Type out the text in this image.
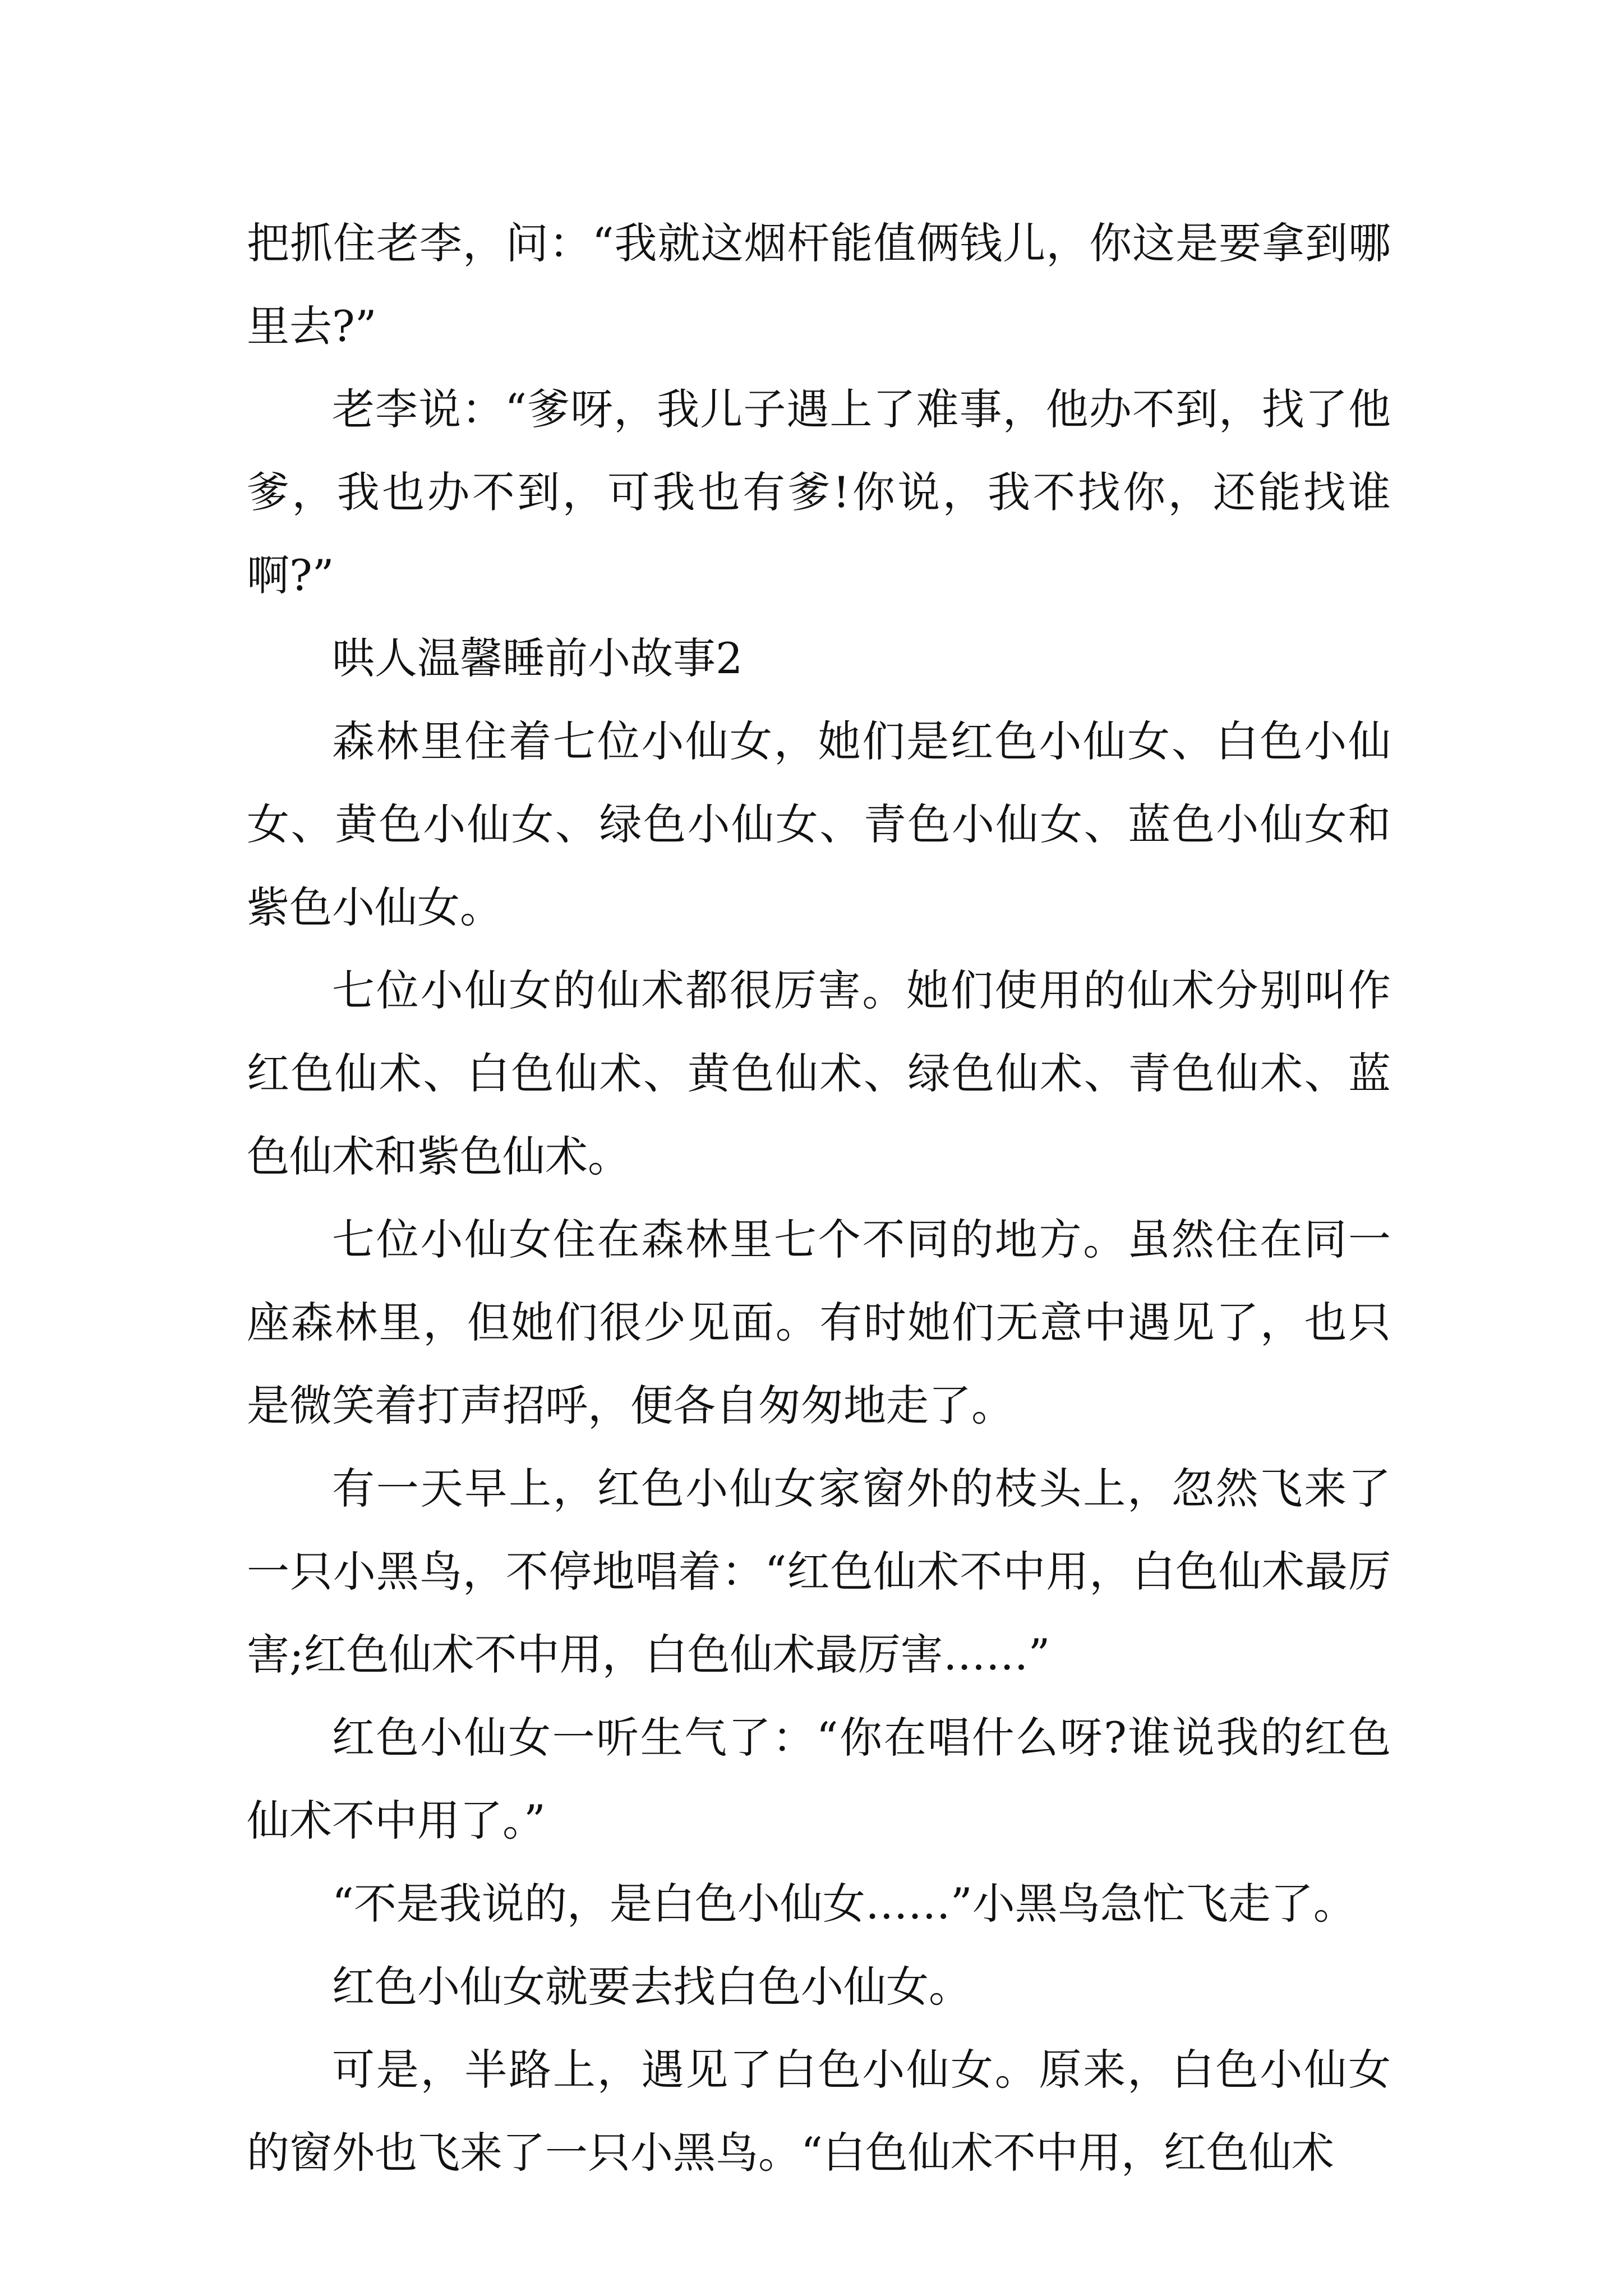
把抓住老李，问：“我就这烟杆能值俩钱儿，你这是要拿到哪里去?”

老李说：“爹呀，我儿子遇上了难事，他办不到，找了他爹，我也办不到，可我也有爹!你说，我不找你，还能找谁啊?”

哄人温馨睡前小故事2

森林里住着七位小仙女，她们是红色小仙女、白色小仙女、黄色小仙女、绿色小仙女、青色小仙女、蓝色小仙女和紫色小仙女。

七位小仙女的仙术都很厉害。她们使用的仙术分别叫作红色仙术、白色仙术、黄色仙术、绿色仙术、青色仙术、蓝色仙术和紫色仙术。

七位小仙女住在森林里七个不同的地方。虽然住在同一座森林里，但她们很少见面。有时她们无意中遇见了，也只是微笑着打声招呼，便各自匆匆地走了。

有一天早上，红色小仙女家窗外的枝头上，忽然飞来了一只小黑鸟，不停地唱着：“红色仙术不中用，白色仙术最厉害;红色仙术不中用，白色仙术最厉害……”

红色小仙女一听生气了：“你在唱什么呀?谁说我的红色仙术不中用了。”

“不是我说的，是白色小仙女……”小黑鸟急忙飞走了。

红色小仙女就要去找白色小仙女。

可是，半路上，遇见了白色小仙女。原来，白色小仙女的窗外也飞来了一只小黑鸟。“白色仙术不中用，红色仙术
